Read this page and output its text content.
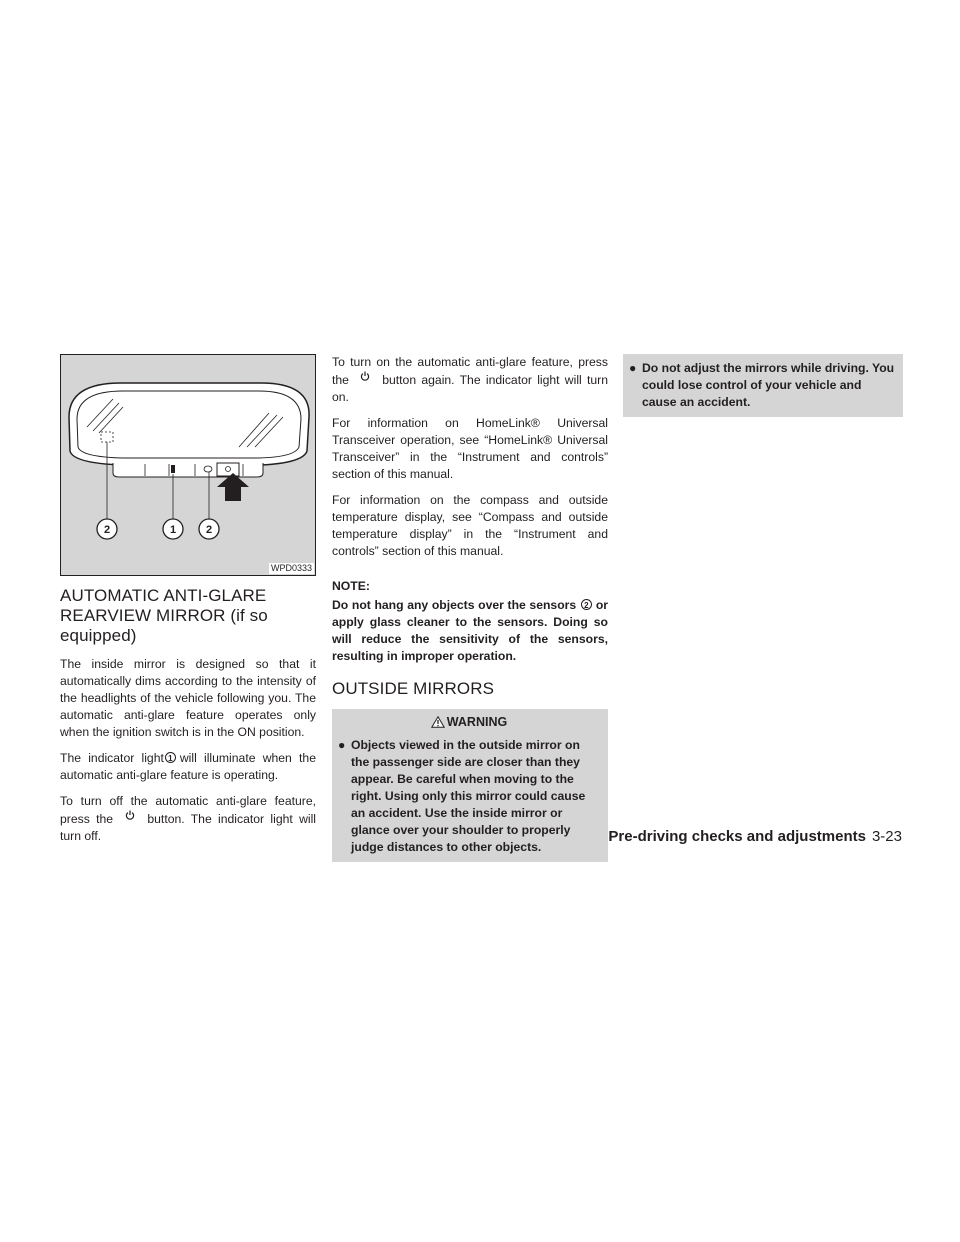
2	1	2
WPD0333
AUTOMATIC ANTI-GLARE
REARVIEW MIRROR (if so equipped)

The inside mirror is designed so that it automatically dims according to the intensity of the headlights of the vehicle following you. The automatic anti-glare feature operates only when the ignition switch is in the ON position.

The indicator light 1 will illuminate when the automatic anti-glare feature is operating.

To turn off the automatic anti-glare feature, press the	button. The indicator light will turn off.

To turn on the automatic anti-glare feature, press the	button again. The indicator light will turn on.

For information on HomeLink® Universal Transceiver operation, see “HomeLink® Universal Transceiver” in the “Instrument and controls” section of this manual.

For information on the compass and outside temperature display, see “Compass and outside temperature display” in the “Instrument and controls” section of this manual.

NOTE:

Do not hang any objects over the sensors 2 or apply glass cleaner to the sensors. Doing so will reduce the sensitivity of the sensors, resulting in improper operation.

OUTSIDE MIRRORS
WARNING
● Objects viewed in the outside mirror on the passenger side are closer than they appear. Be careful when moving to the right. Using only this mirror could cause an accident. Use the inside mirror or glance over your shoulder to properly judge distances to other objects.
● Do not adjust the mirrors while driving. You could lose control of your vehicle and cause an accident.
Pre-driving checks and adjustments 3-23
